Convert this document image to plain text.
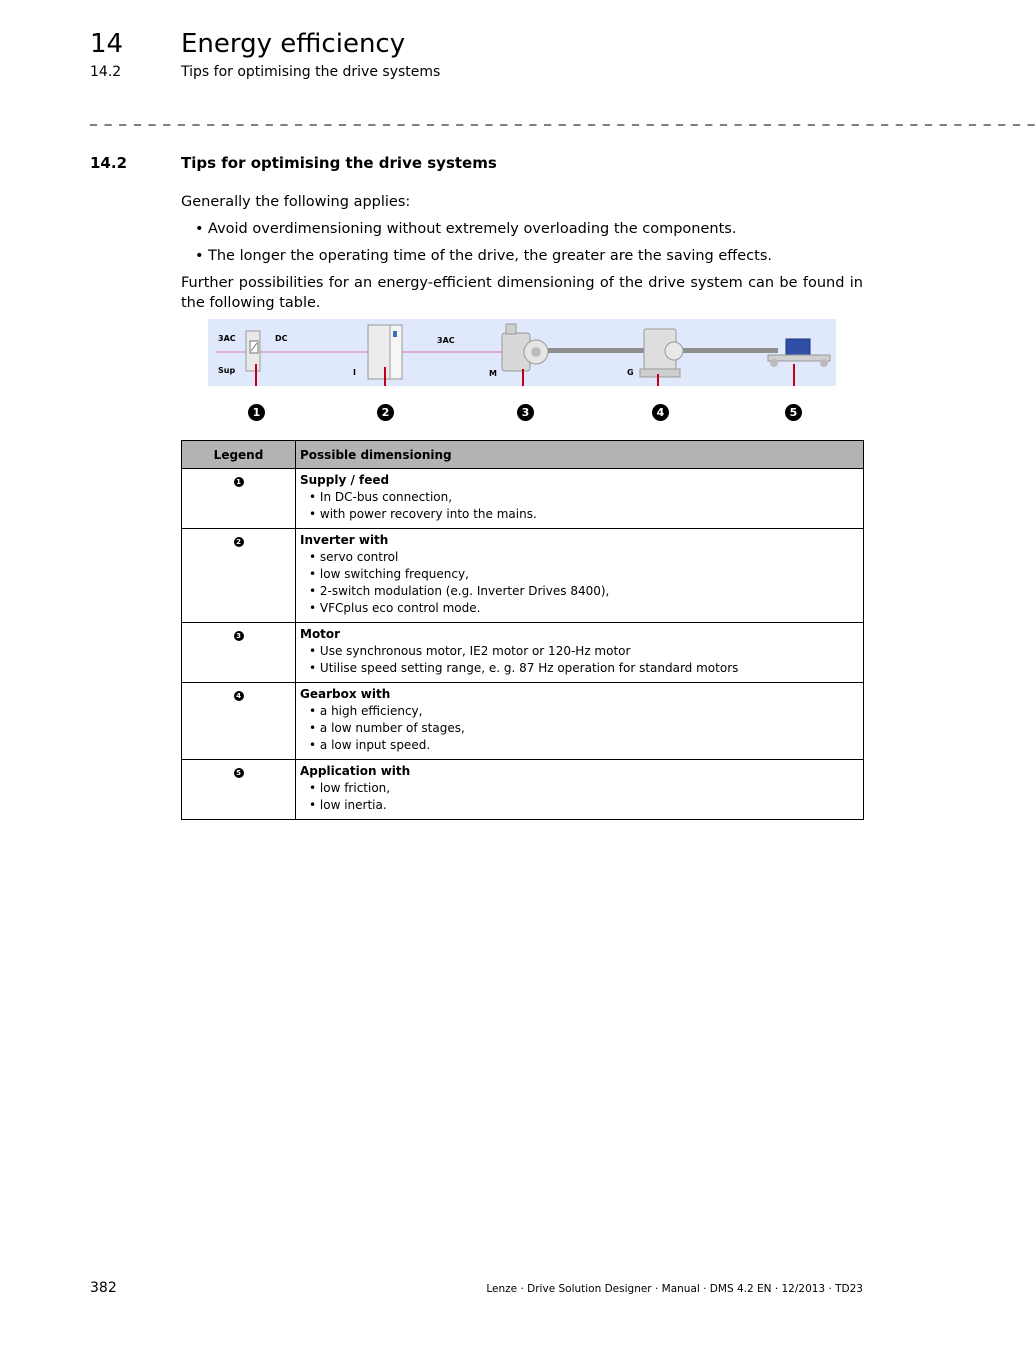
14 Energy efficiency
14.2	Tips for optimising the drive systems
_ _ _ _ _ _ _ _ _ _ _ _ _ _ _ _ _ _ _ _ _ _ _ _ _ _ _ _ _ _ _ _ _ _ _ _ _ _ _ _ _ _ _ _ _ _ _ _ _ _ _ _ _ _ _ _ _ _ _ _ _ _ _ _ _
14.2	Tips for optimising the drive systems
Generally the following applies:
• Avoid overdimensioning without extremely overloading the components.
• The longer the operating time of the drive, the greater are the saving effects.
Further possibilities for an energy-efficient dimensioning of the drive system can be found in the following table.
3AC
Sup
DC	3AC
I	M	G
1	2	3	4	5
Legend	Possible dimensioning
1	Supply / feed
• In DC-bus connection,
• with power recovery into the mains.

2	Inverter with
• servo control
• low switching frequency,
• 2-switch modulation (e.g. Inverter Drives 8400),
• VFCplus eco control mode.

3	Motor
• Use synchronous motor, IE2 motor or 120-Hz motor
• Utilise speed setting range, e. g. 87 Hz operation for standard motors

4	Gearbox with
• a high efficiency,
• a low number of stages,
• a low input speed.

5	Application with
• low friction,
• low inertia.
382	Lenze · Drive Solution Designer · Manual · DMS 4.2 EN · 12/2013 · TD23
